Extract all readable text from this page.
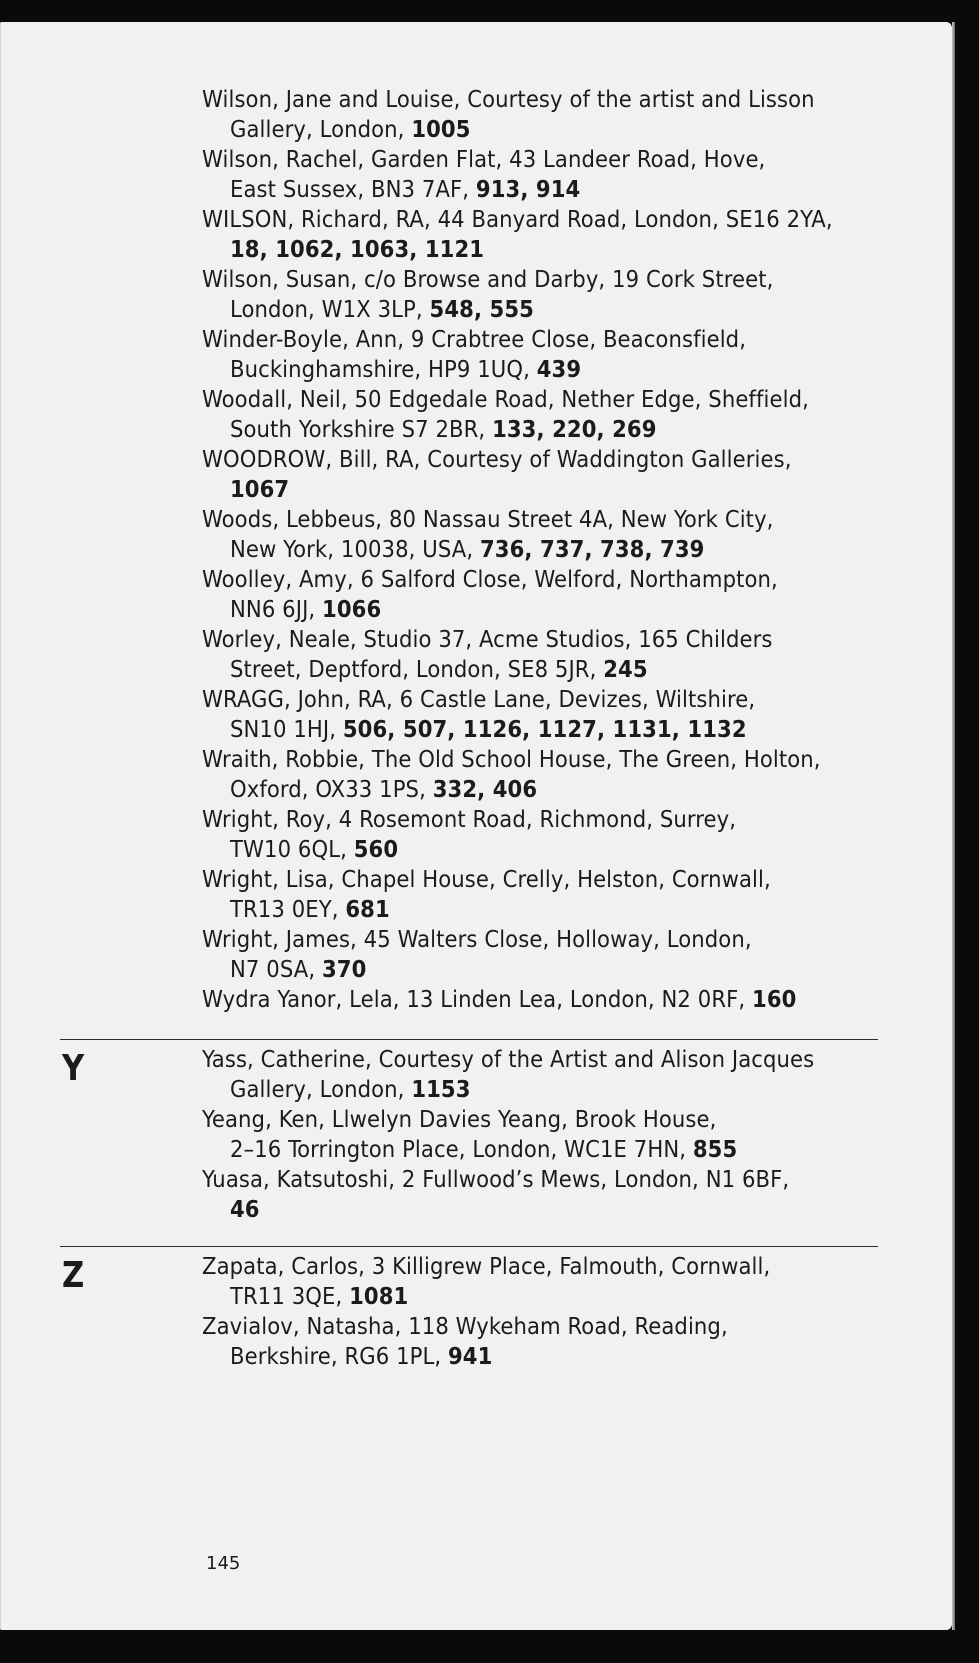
Wilson, Jane and Louise, Courtesy of the artist and Lisson
Gallery, London, 1005
Wilson, Rachel, Garden Flat, 43 Landeer Road, Hove,
East Sussex, BN3 7AF, 913, 914
WILSON, Richard, RA, 44 Banyard Road, London, SE16 2YA,
18, 1062, 1063, 1121
Wilson, Susan, c/o Browse and Darby, 19 Cork Street,
London, W1X 3LP, 548, 555
Winder-Boyle, Ann, 9 Crabtree Close, Beaconsfield,
Buckinghamshire, HP9 1UQ, 439
Woodall, Neil, 50 Edgedale Road, Nether Edge, Sheffield,
South Yorkshire S7 2BR, 133, 220, 269
WOODROW, Bill, RA, Courtesy of Waddington Galleries,
1067
Woods, Lebbeus, 80 Nassau Street 4A, New York City,
New York, 10038, USA, 736, 737, 738, 739
Woolley, Amy, 6 Salford Close, Welford, Northampton,
NN6 6JJ, 1066
Worley, Neale, Studio 37, Acme Studios, 165 Childers
Street, Deptford, London, SE8 5JR, 245
WRAGG, John, RA, 6 Castle Lane, Devizes, Wiltshire,
SN10 1HJ, 506, 507, 1126, 1127, 1131, 1132
Wraith, Robbie, The Old School House, The Green, Holton,
Oxford, OX33 1PS, 332, 406
Wright, Roy, 4 Rosemont Road, Richmond, Surrey,
TW10 6QL, 560
Wright, Lisa, Chapel House, Crelly, Helston, Cornwall,
TR13 0EY, 681
Wright, James, 45 Walters Close, Holloway, London,
N7 0SA, 370
Wydra Yanor, Lela, 13 Linden Lea, London, N2 0RF, 160
Y	Yass, Catherine, Courtesy of the Artist and Alison Jacques
Gallery, London, 1153
Yeang, Ken, Llwelyn Davies Yeang, Brook House,
2–16 Torrington Place, London, WC1E 7HN, 855
Yuasa, Katsutoshi, 2 Fullwood’s Mews, London, N1 6BF,
46
Z	Zapata, Carlos, 3 Killigrew Place, Falmouth, Cornwall,
TR11 3QE, 1081
Zavialov, Natasha, 118 Wykeham Road, Reading,
Berkshire, RG6 1PL, 941
145
